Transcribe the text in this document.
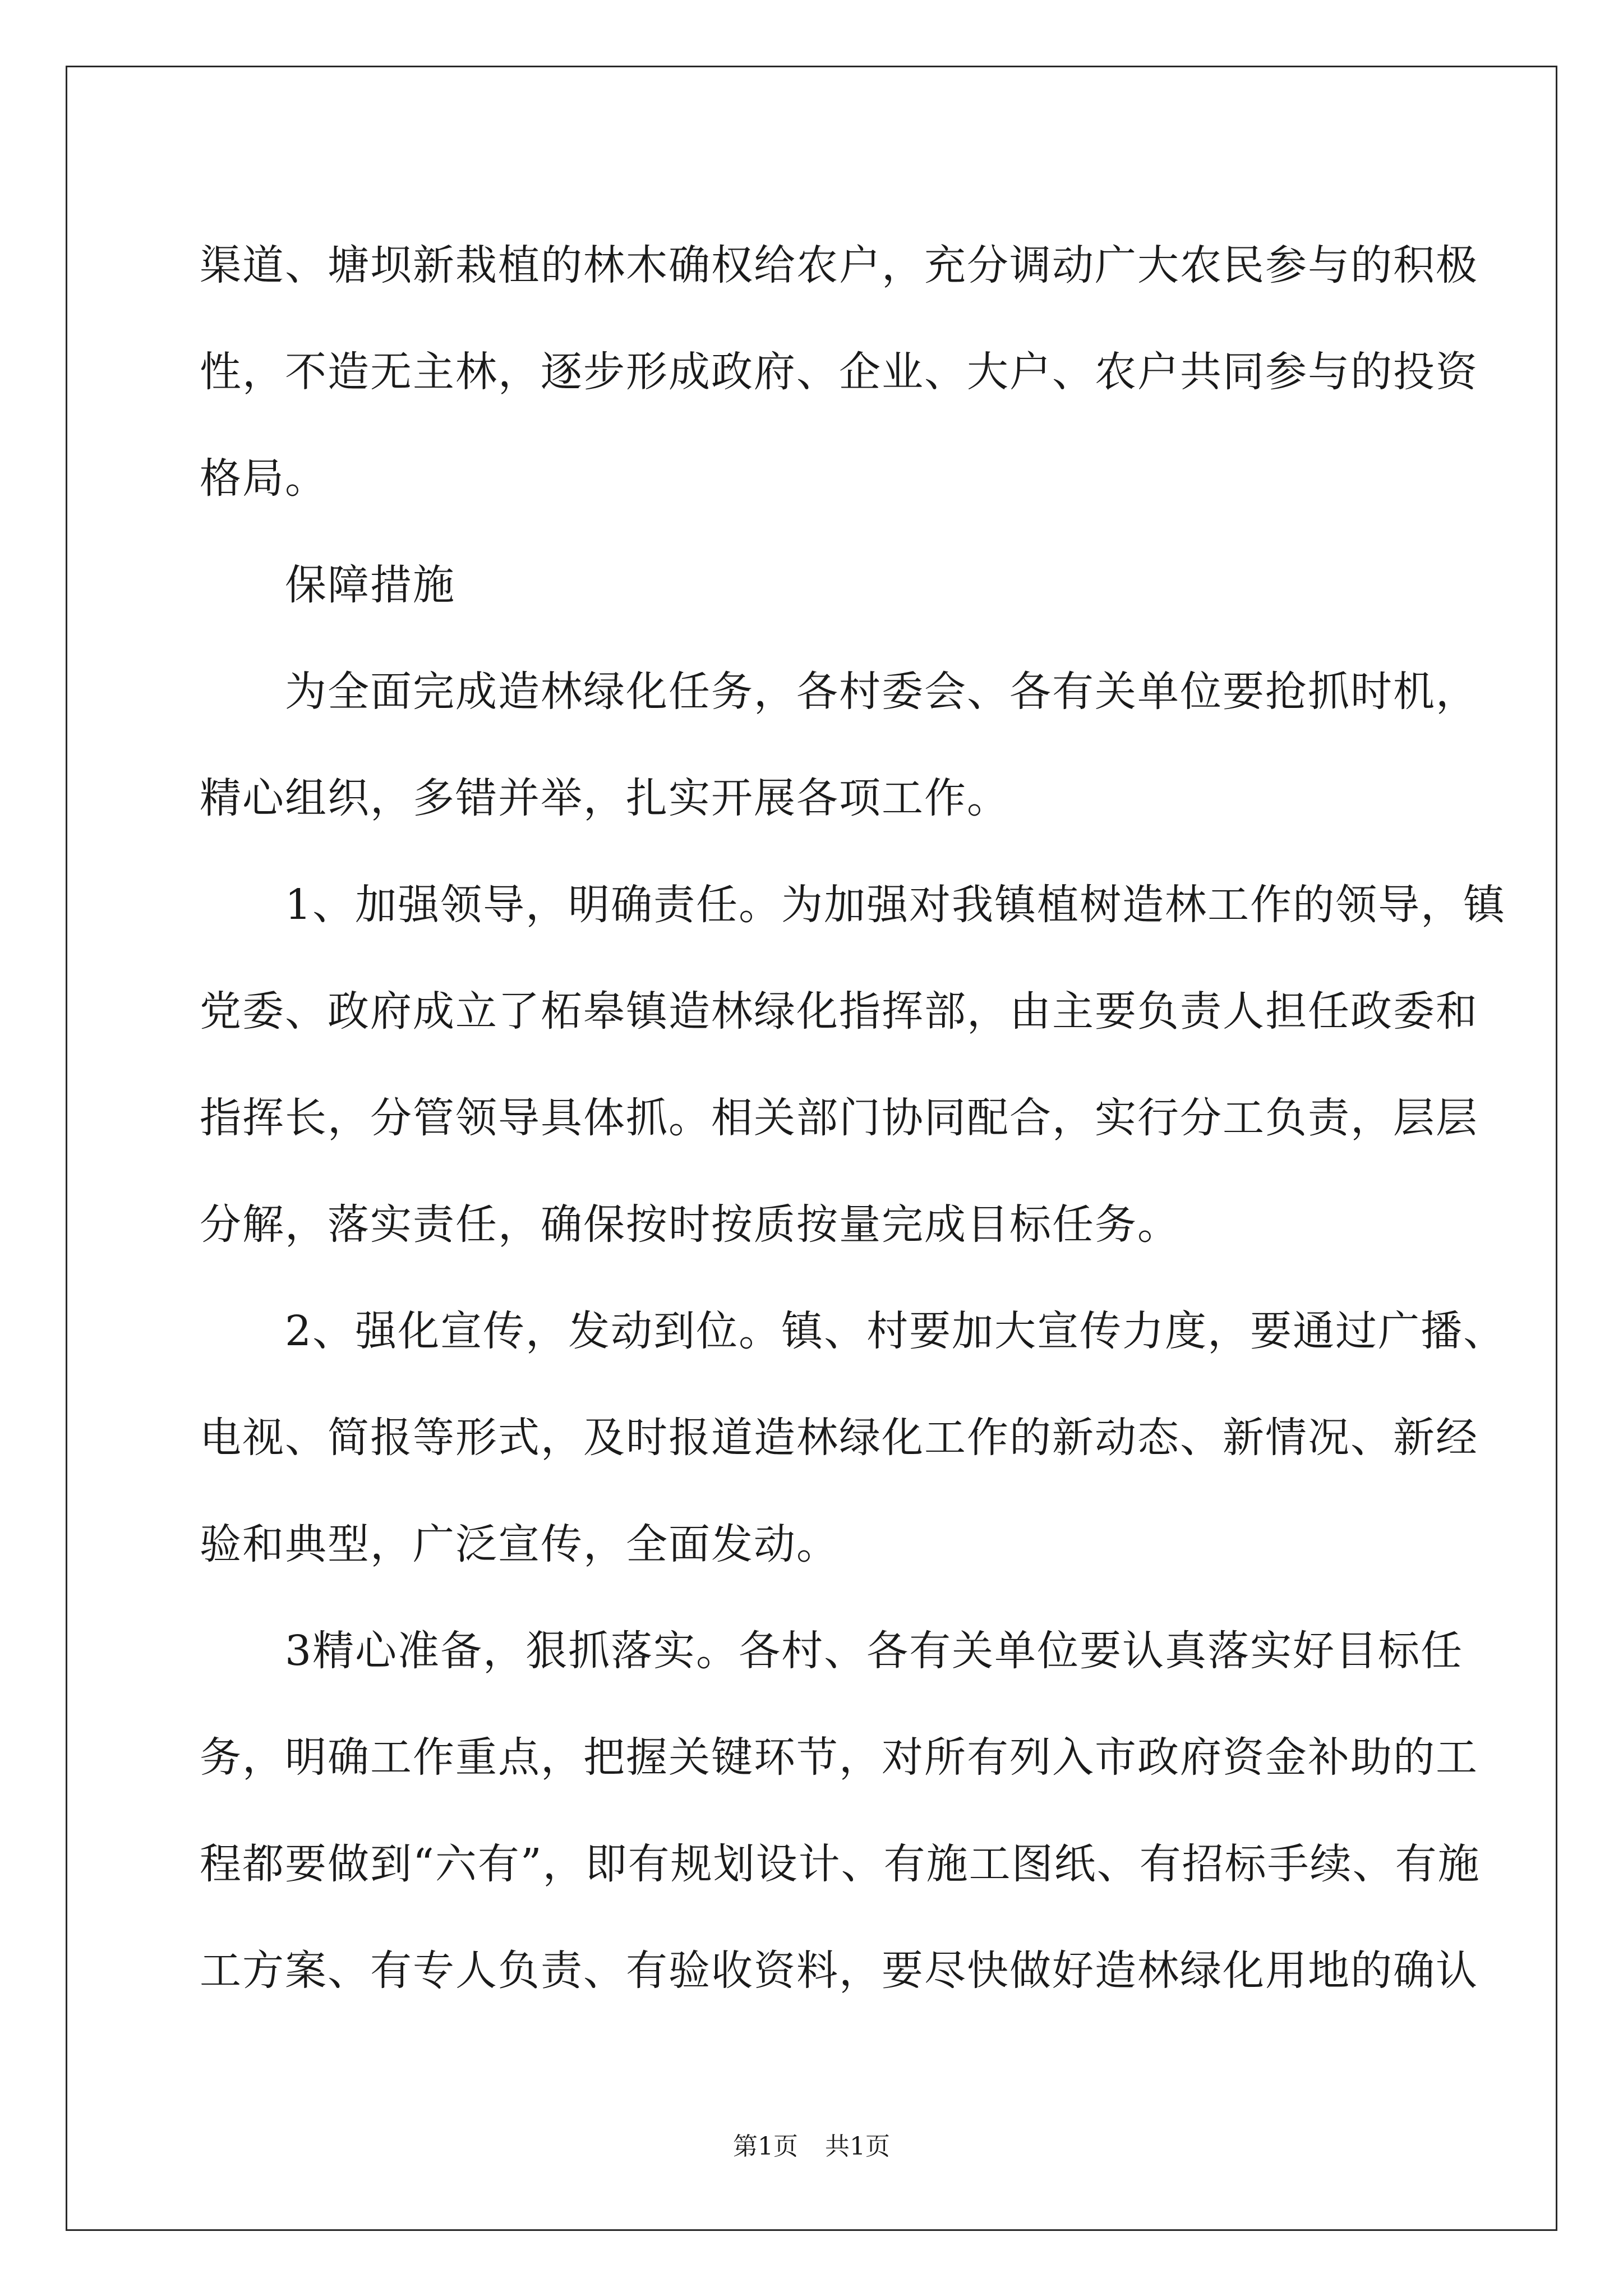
渠道、塘坝新栽植的林木确权给农户，充分调动广大农民参与的积极
性，不造无主林，逐步形成政府、企业、大户、农户共同参与的投资
格局。
　　保障措施
　　为全面完成造林绿化任务，各村委会、各有关单位要抢抓时机，
精心组织，多错并举，扎实开展各项工作。
　　1、加强领导，明确责任。为加强对我镇植树造林工作的领导，镇
党委、政府成立了柘皋镇造林绿化指挥部，由主要负责人担任政委和
指挥长，分管领导具体抓。相关部门协同配合，实行分工负责，层层
分解，落实责任，确保按时按质按量完成目标任务。
　　2、强化宣传，发动到位。镇、村要加大宣传力度，要通过广播、
电视、简报等形式，及时报道造林绿化工作的新动态、新情况、新经
验和典型，广泛宣传，全面发动。
　　3精心准备，狠抓落实。各村、各有关单位要认真落实好目标任
务，明确工作重点，把握关键环节，对所有列入市政府资金补助的工
程都要做到“六有”，即有规划设计、有施工图纸、有招标手续、有施
工方案、有专人负责、有验收资料，要尽快做好造林绿化用地的确认
第1页 共1页
